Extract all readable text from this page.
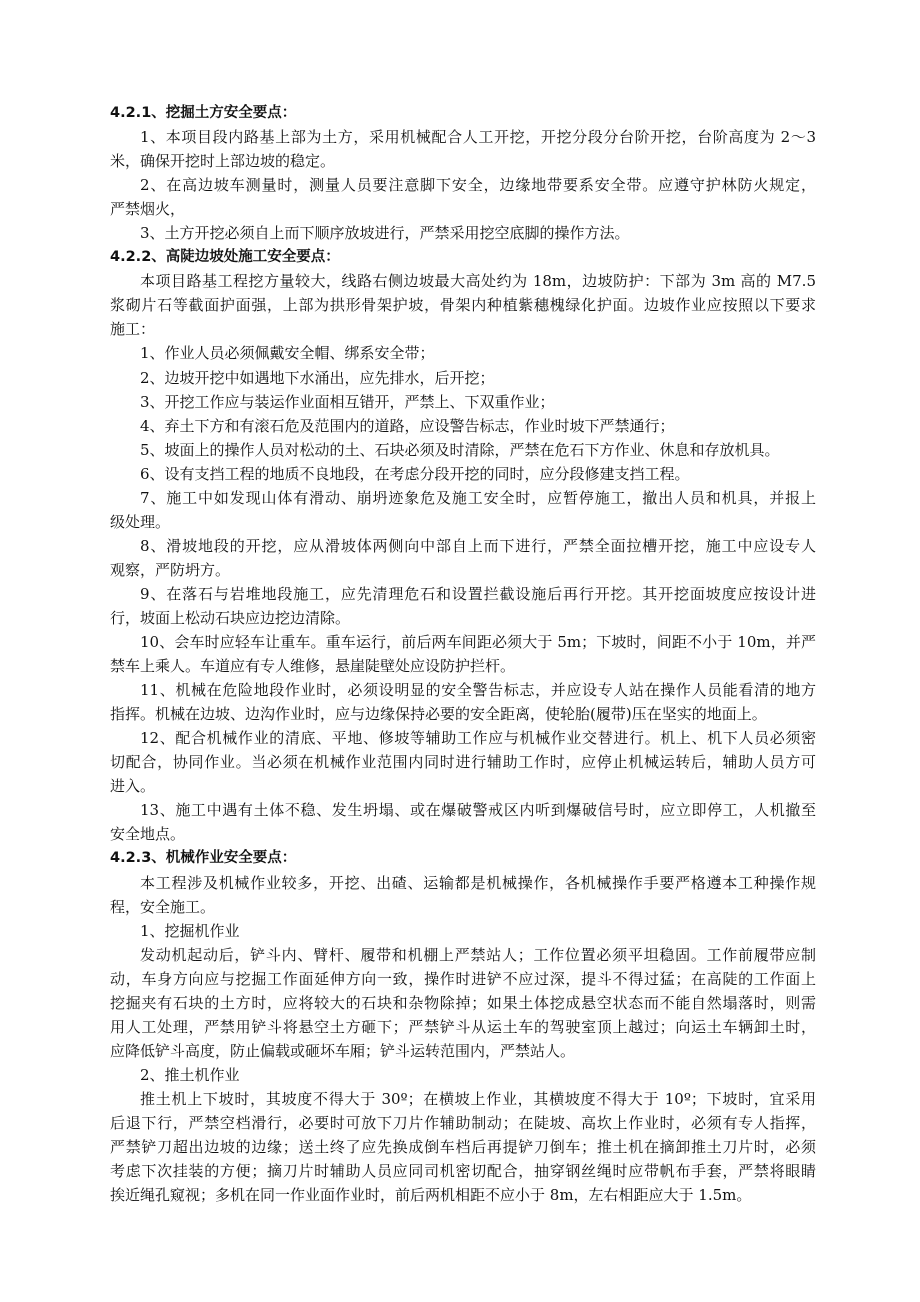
4.2.1、挖掘土方安全要点：
1、本项目段内路基上部为土方，采用机械配合人工开挖，开挖分段分台阶开挖，台阶高度为 2～3
米，确保开挖时上部边坡的稳定。
2、在高边坡车测量时，测量人员要注意脚下安全，边缘地带要系安全带。应遵守护林防火规定，
严禁烟火，
3、土方开挖必须自上而下顺序放坡进行，严禁采用挖空底脚的操作方法。
4.2.2、高陡边坡处施工安全要点：
本项目路基工程挖方量较大，线路右侧边坡最大高处约为 18m，边坡防护：下部为 3m 高的 M7.5
浆砌片石等截面护面强，上部为拱形骨架护坡，骨架内种植紫穗槐绿化护面。边坡作业应按照以下要求
施工：
1、作业人员必须佩戴安全帽、绑系安全带；
2、边坡开挖中如遇地下水涌出，应先排水，后开挖；
3、开挖工作应与装运作业面相互错开，严禁上、下双重作业；
4、弃土下方和有滚石危及范围内的道路，应设警告标志，作业时坡下严禁通行；
5、坡面上的操作人员对松动的土、石块必须及时清除，严禁在危石下方作业、休息和存放机具。
6、设有支挡工程的地质不良地段，在考虑分段开挖的同时，应分段修建支挡工程。
7、施工中如发现山体有滑动、崩坍迹象危及施工安全时，应暂停施工，撤出人员和机具，并报上
级处理。
8、滑坡地段的开挖，应从滑坡体两侧向中部自上而下进行，严禁全面拉槽开挖，施工中应设专人
观察，严防坍方。
9、在落石与岩堆地段施工，应先清理危石和设置拦截设施后再行开挖。其开挖面坡度应按设计进
行，坡面上松动石块应边挖边清除。
10、会车时应轻车让重车。重车运行，前后两车间距必须大于 5m；下坡时，间距不小于 10m，并严
禁车上乘人。车道应有专人维修，悬崖陡壁处应设防护拦杆。
11、机械在危险地段作业时，必须设明显的安全警告标志，并应设专人站在操作人员能看清的地方
指挥。机械在边坡、边沟作业时，应与边缘保持必要的安全距离，使轮胎(履带)压在坚实的地面上。
12、配合机械作业的清底、平地、修坡等辅助工作应与机械作业交替进行。机上、机下人员必须密
切配合，协同作业。当必须在机械作业范围内同时进行辅助工作时，应停止机械运转后，辅助人员方可
进入。
13、施工中遇有土体不稳、发生坍塌、或在爆破警戒区内听到爆破信号时，应立即停工，人机撤至
安全地点。
4.2.3、机械作业安全要点：
本工程涉及机械作业较多，开挖、出碴、运输都是机械操作，各机械操作手要严格遵本工种操作规
程，安全施工。
1、挖掘机作业
发动机起动后，铲斗内、臂杆、履带和机棚上严禁站人；工作位置必须平坦稳固。工作前履带应制
动，车身方向应与挖掘工作面延伸方向一致，操作时进铲不应过深，提斗不得过猛；在高陡的工作面上
挖掘夹有石块的土方时，应将较大的石块和杂物除掉；如果土体挖成悬空状态而不能自然塌落时，则需
用人工处理，严禁用铲斗将悬空土方砸下；严禁铲斗从运土车的驾驶室顶上越过；向运土车辆卸土时，
应降低铲斗高度，防止偏载或砸坏车厢；铲斗运转范围内，严禁站人。
2、推土机作业
推土机上下坡时，其坡度不得大于 30º；在横坡上作业，其横坡度不得大于 10º；下坡时，宜采用
后退下行，严禁空档滑行，必要时可放下刀片作辅助制动；在陡坡、高坎上作业时，必须有专人指挥，
严禁铲刀超出边坡的边缘；送土终了应先换成倒车档后再提铲刀倒车；推土机在摘卸推土刀片时，必须
考虑下次挂装的方便；摘刀片时辅助人员应同司机密切配合，抽穿钢丝绳时应带帆布手套，严禁将眼睛
挨近绳孔窥视；多机在同一作业面作业时，前后两机相距不应小于 8m，左右相距应大于 1.5m。
